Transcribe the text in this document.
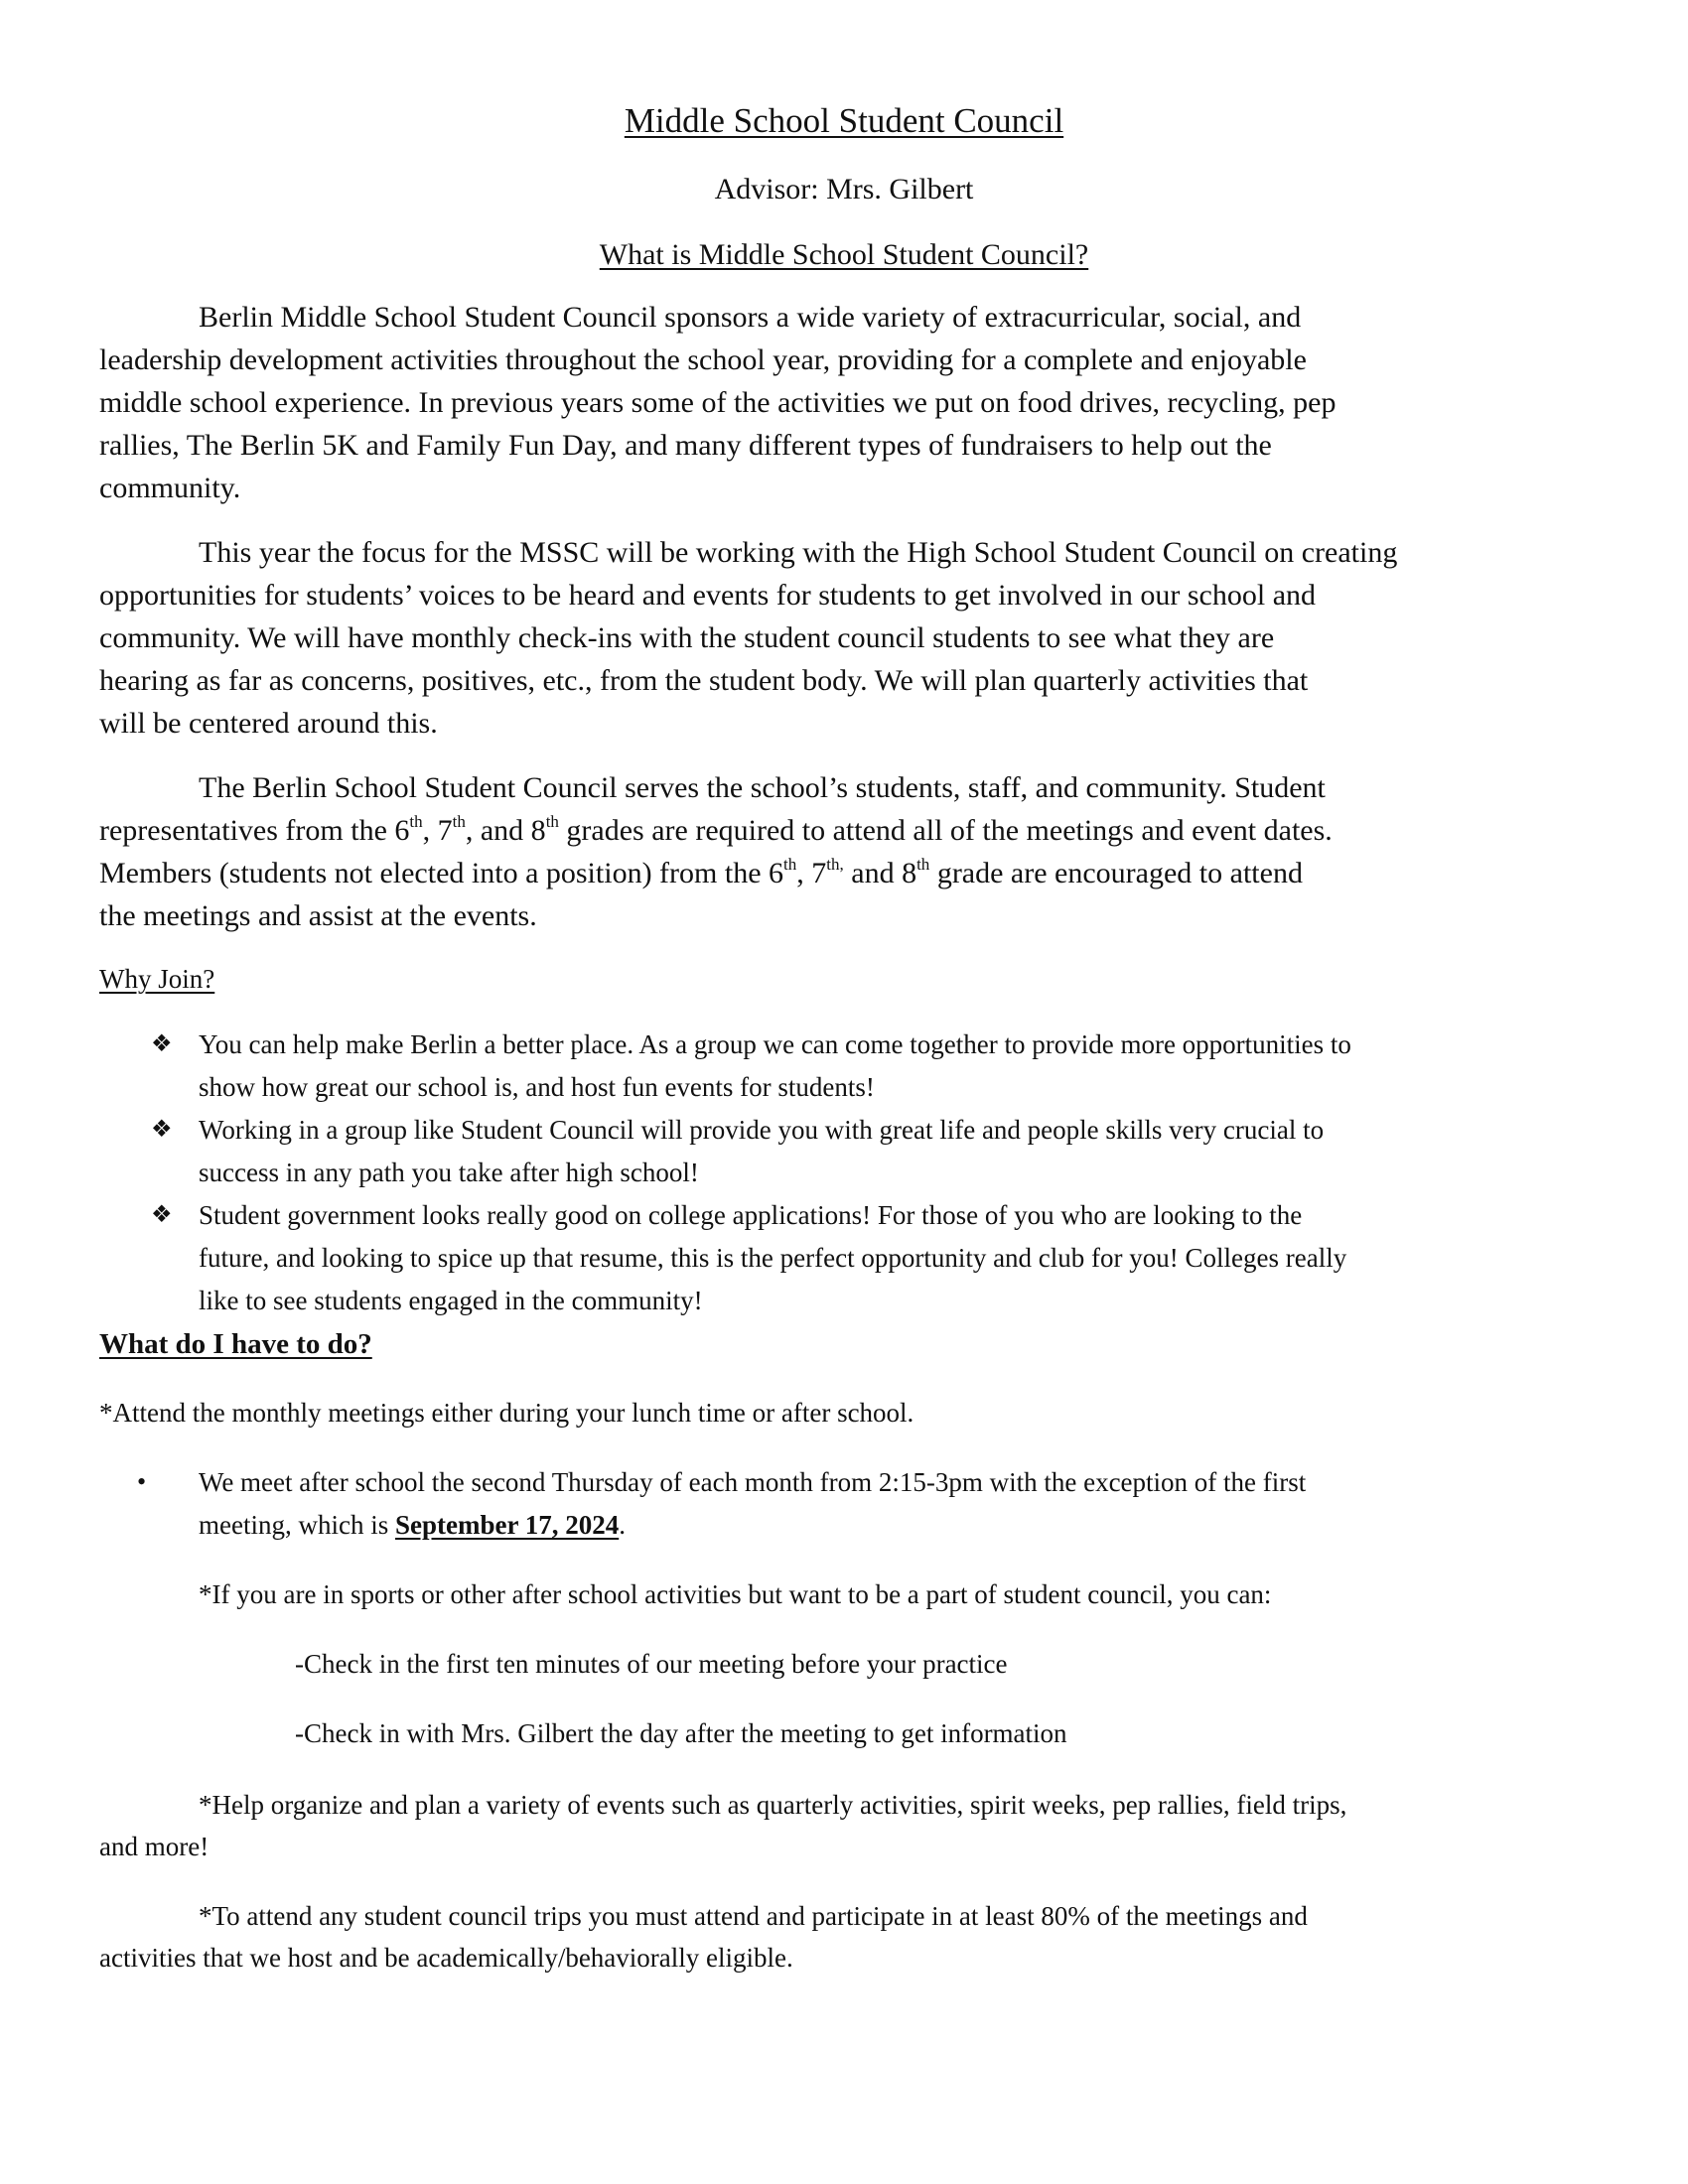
Middle School Student Council
Advisor: Mrs. Gilbert
What is Middle School Student Council?
Berlin Middle School Student Council sponsors a wide variety of extracurricular, social, and
leadership development activities throughout the school year, providing for a complete and enjoyable
middle school experience. In previous years some of the activities we put on food drives, recycling, pep
rallies, The Berlin 5K and Family Fun Day, and many different types of fundraisers to help out the
community.
This year the focus for the MSSC will be working with the High School Student Council on creating
opportunities for students’ voices to be heard and events for students to get involved in our school and
community. We will have monthly check-ins with the student council students to see what they are
hearing as far as concerns, positives, etc., from the student body. We will plan quarterly activities that
will be centered around this.
The Berlin School Student Council serves the school’s students, staff, and community. Student
representatives from the 6th, 7th, and 8th grades are required to attend all of the meetings and event dates.
Members (students not elected into a position) from the 6th, $7^{th,}$ and 8th grade are encouraged to attend
the meetings and assist at the events.
Why Join?
❖ You can help make Berlin a better place. As a group we can come together to provide more opportunities to
show how great our school is, and host fun events for students!
❖ Working in a group like Student Council will provide you with great life and people skills very crucial to
success in any path you take after high school!
❖ Student government looks really good on college applications! For those of you who are looking to the
future, and looking to spice up that resume, this is the perfect opportunity and club for you! Colleges really
like to see students engaged in the community!
What do I have to do?
*Attend the monthly meetings either during your lunch time or after school.
• We meet after school the second Thursday of each month from 2:15-3pm with the exception of the first
meeting, which is September 17, 2024.
*If you are in sports or other after school activities but want to be a part of student council, you can:
-Check in the first ten minutes of our meeting before your practice
-Check in with Mrs. Gilbert the day after the meeting to get information
*Help organize and plan a variety of events such as quarterly activities, spirit weeks, pep rallies, field trips,
and more!
*To attend any student council trips you must attend and participate in at least 80% of the meetings and
activities that we host and be academically/behaviorally eligible.
